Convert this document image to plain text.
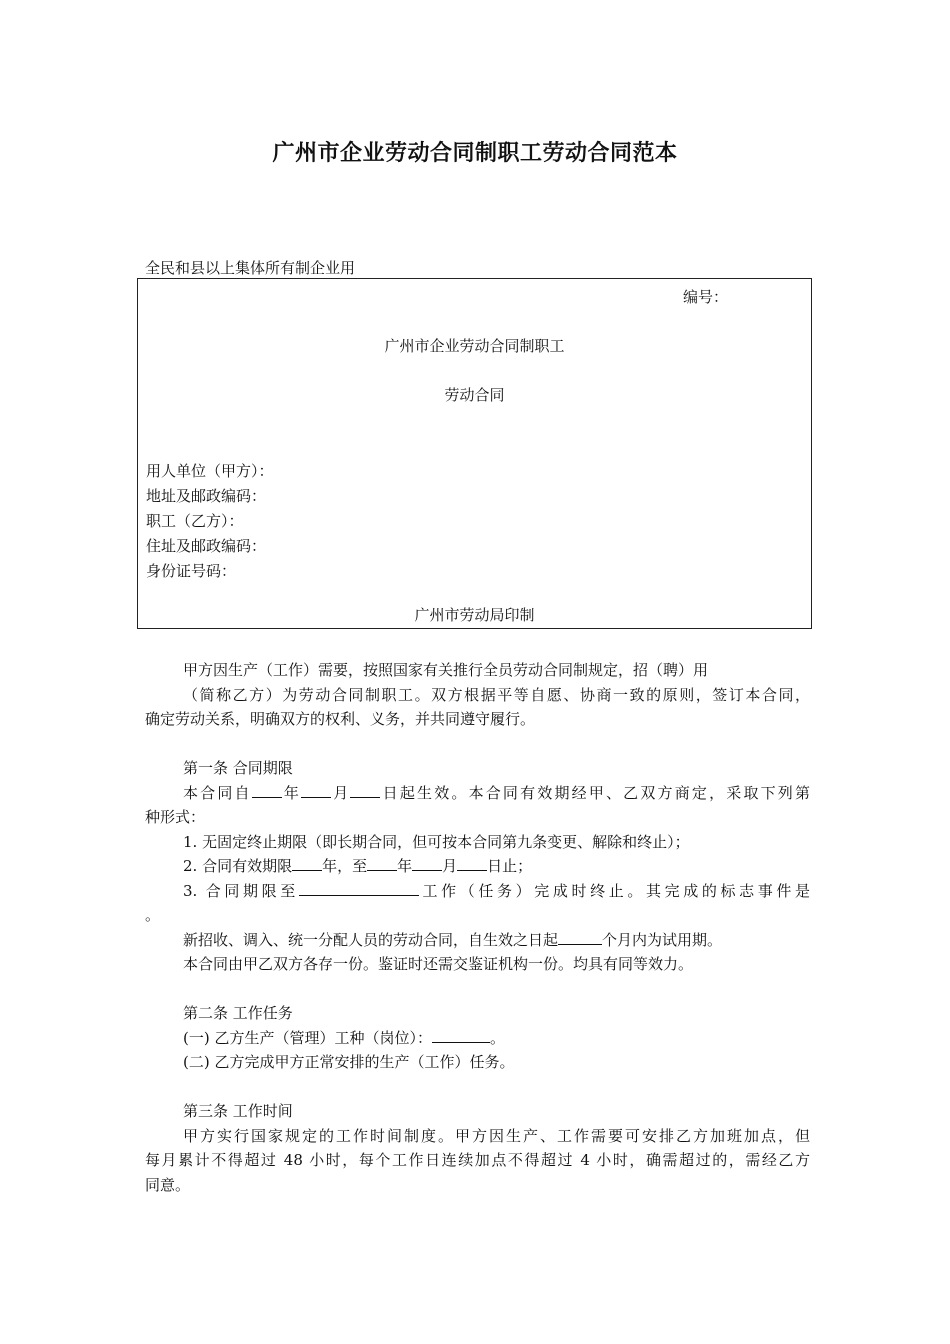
广州市企业劳动合同制职工劳动合同范本
全民和县以上集体所有制企业用
编号：
广州市企业劳动合同制职工
劳动合同
用人单位（甲方）：
地址及邮政编码：
职工（乙方）：
住址及邮政编码：
身份证号码：
广州市劳动局印制

甲方因生产（工作）需要，按照国家有关推行全员劳动合同制规定，招（聘）用

（简称乙方）为劳动合同制职工。双方根据平等自愿、协商一致的原则，签订本合同，

确定劳动关系，明确双方的权利、义务，并共同遵守履行。

第一条 合同期限

本合同自 年 月 日起生效。本合同有效期经甲、乙双方商定，采取下列第

种形式：

1. 无固定终止期限（即长期合同，但可按本合同第九条变更、解除和终止）；

2. 合同有效期限 年，至 年 月 日止；

3. 合同期限至	工作（任务）完成时终止。其完成的标志事件是

。

新招收、调入、统一分配人员的劳动合同，自生效之日起	个月内为试用期。

本合同由甲乙双方各存一份。鉴证时还需交鉴证机构一份。均具有同等效力。

第二条 工作任务

(一) 乙方生产（管理）工种（岗位）：	。

(二) 乙方完成甲方正常安排的生产（工作）任务。

第三条 工作时间

甲方实行国家规定的工作时间制度。甲方因生产、工作需要可安排乙方加班加点，但

每月累计不得超过 48 小时，每个工作日连续加点不得超过 4 小时，确需超过的，需经乙方

同意。
